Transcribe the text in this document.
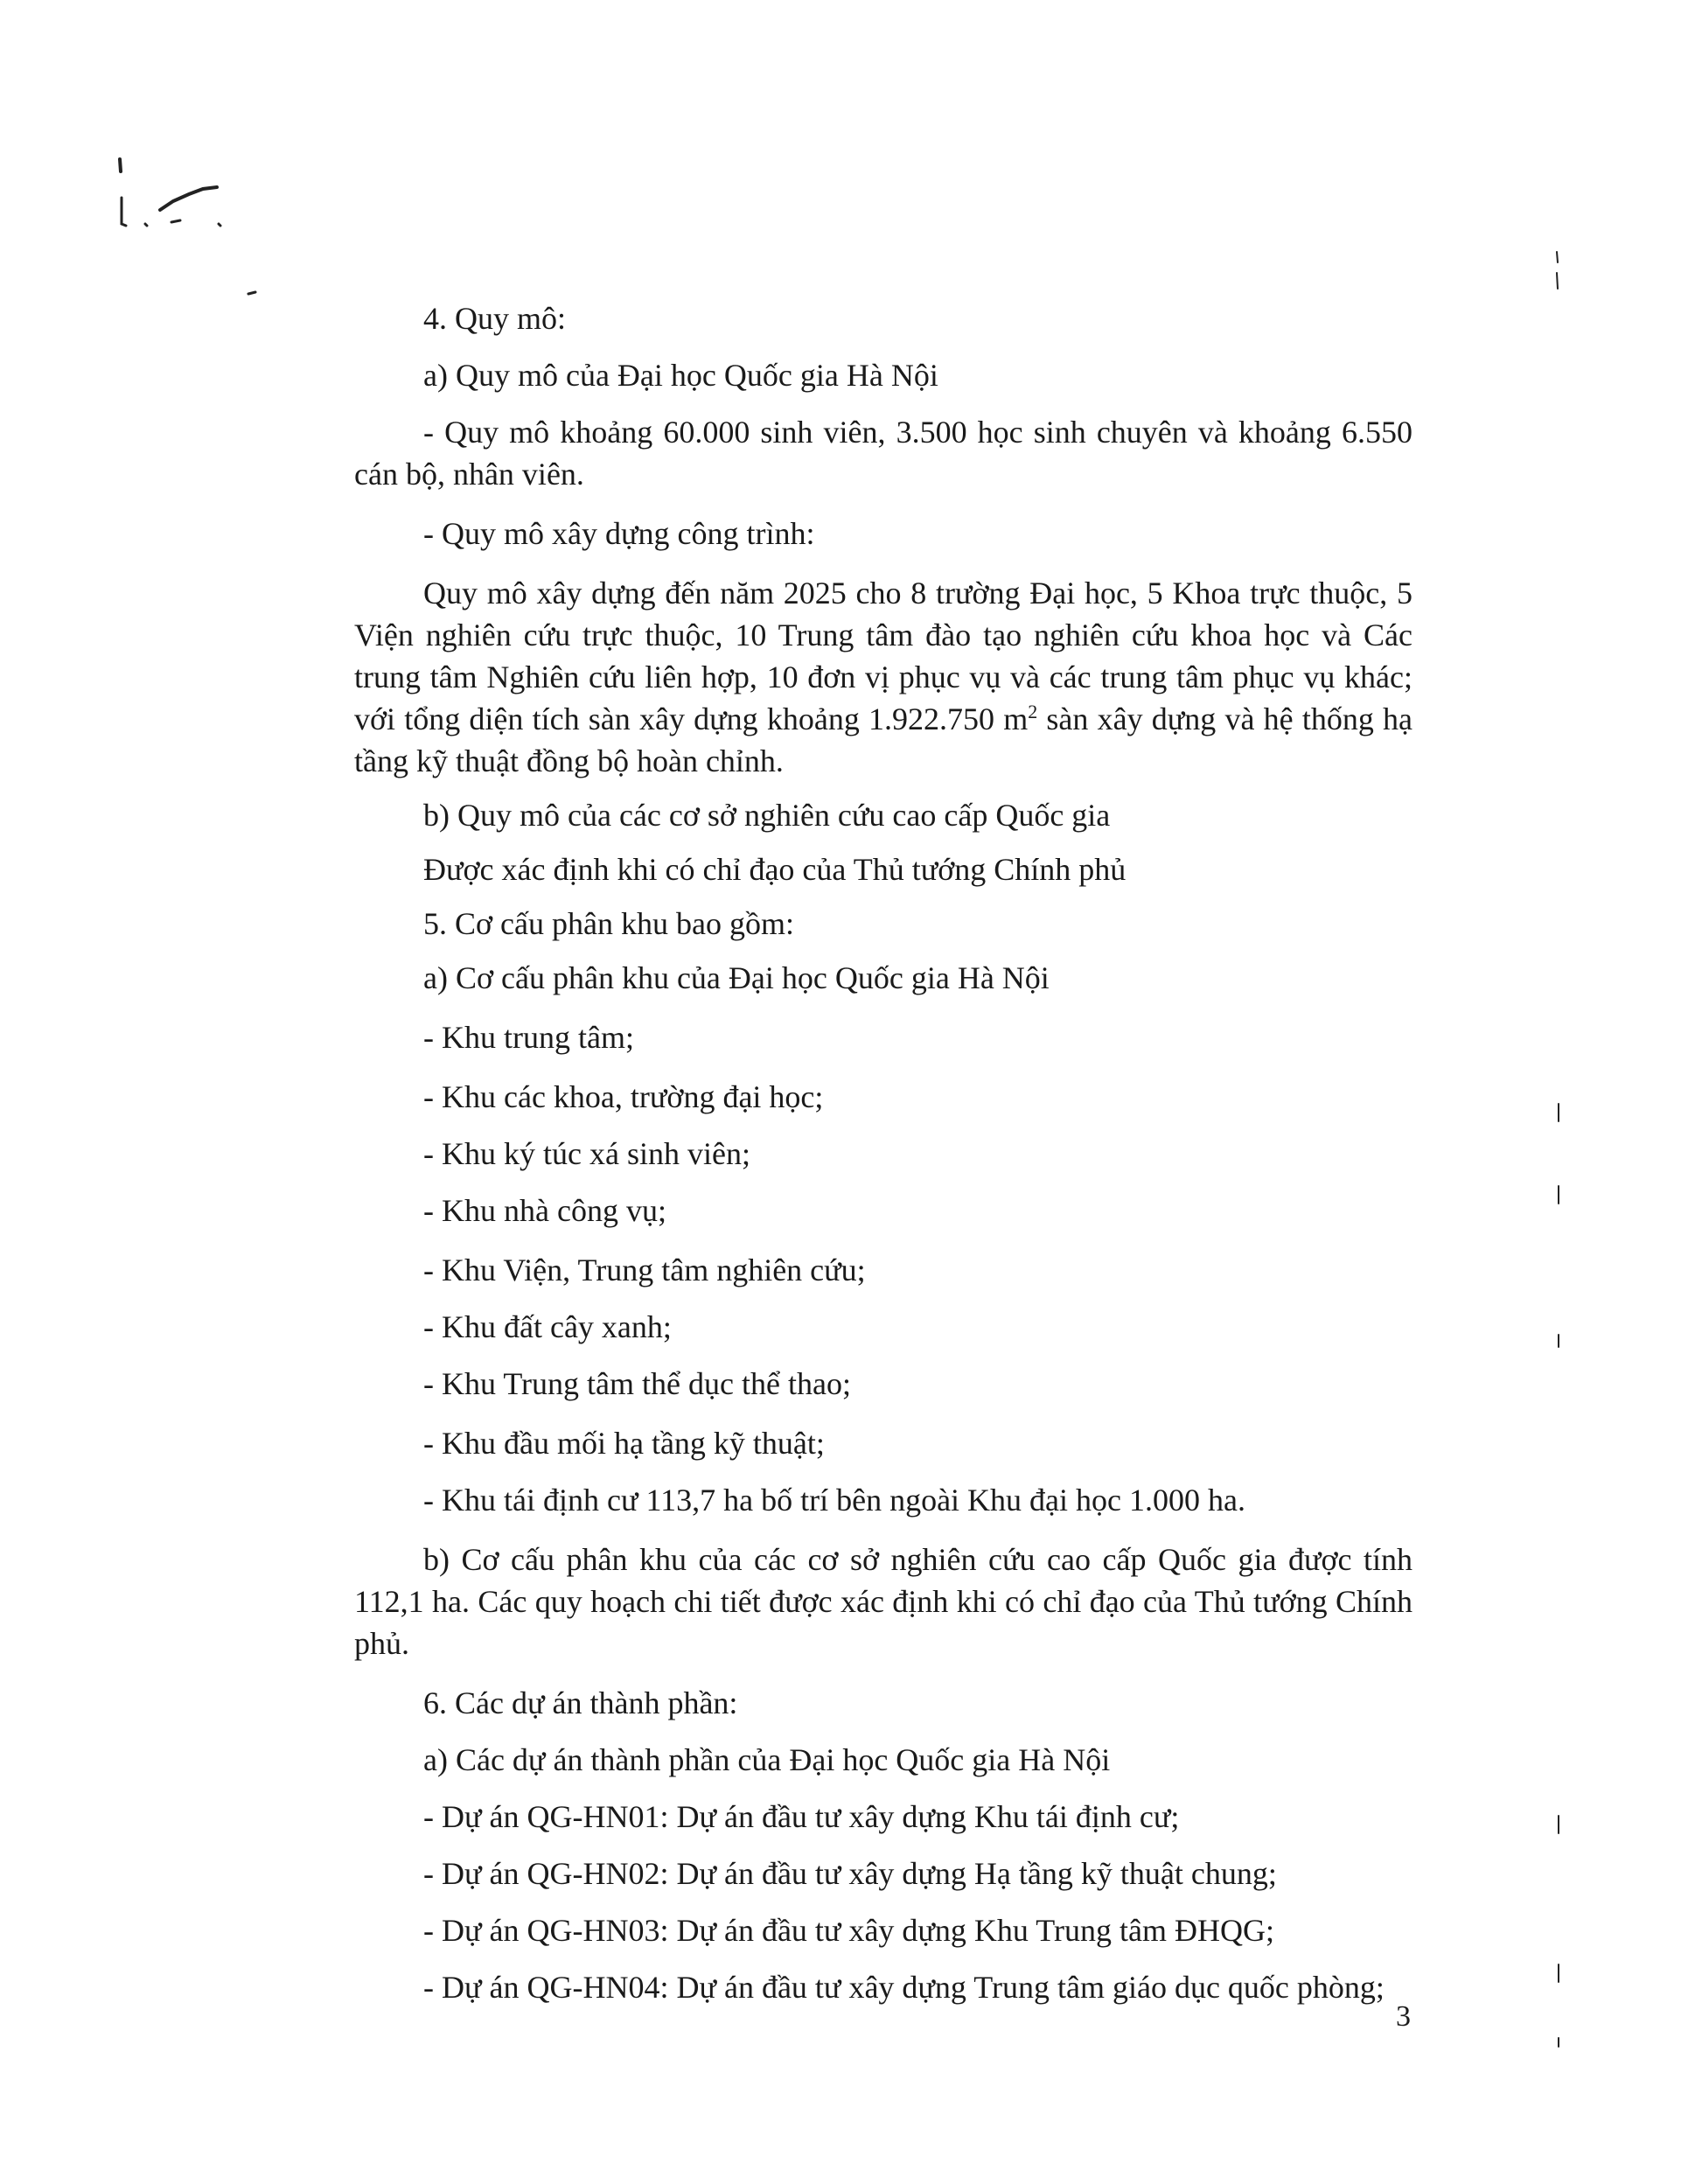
4. Quy mô:

a) Quy mô của Đại học Quốc gia Hà Nội

- Quy mô khoảng 60.000 sinh viên, 3.500 học sinh chuyên và khoảng 6.550 cán bộ, nhân viên.

- Quy mô xây dựng công trình:

Quy mô xây dựng đến năm 2025 cho 8 trường Đại học, 5 Khoa trực thuộc, 5 Viện nghiên cứu trực thuộc, 10 Trung tâm đào tạo nghiên cứu khoa học và Các trung tâm Nghiên cứu liên hợp, 10 đơn vị phục vụ và các trung tâm phục vụ khác; với tổng diện tích sàn xây dựng khoảng 1.922.750 $m^2$ sàn xây dựng và hệ thống hạ tầng kỹ thuật đồng bộ hoàn chỉnh.

b) Quy mô của các cơ sở nghiên cứu cao cấp Quốc gia

Được xác định khi có chỉ đạo của Thủ tướng Chính phủ

5. Cơ cấu phân khu bao gồm:

a) Cơ cấu phân khu của Đại học Quốc gia Hà Nội

- Khu trung tâm;

- Khu các khoa, trường đại học;

- Khu ký túc xá sinh viên;

- Khu nhà công vụ;

- Khu Viện, Trung tâm nghiên cứu;

- Khu đất cây xanh;

- Khu Trung tâm thể dục thể thao;

- Khu đầu mối hạ tầng kỹ thuật;

- Khu tái định cư 113,7 ha bố trí bên ngoài Khu đại học 1.000 ha.

b) Cơ cấu phân khu của các cơ sở nghiên cứu cao cấp Quốc gia được tính 112,1 ha. Các quy hoạch chi tiết được xác định khi có chỉ đạo của Thủ tướng Chính phủ.

6. Các dự án thành phần:

a) Các dự án thành phần của Đại học Quốc gia Hà Nội

- Dự án QG-HN01: Dự án đầu tư xây dựng Khu tái định cư;

- Dự án QG-HN02: Dự án đầu tư xây dựng Hạ tầng kỹ thuật chung;

- Dự án QG-HN03: Dự án đầu tư xây dựng Khu Trung tâm ĐHQG;

- Dự án QG-HN04: Dự án đầu tư xây dựng Trung tâm giáo dục quốc phòng;

3
